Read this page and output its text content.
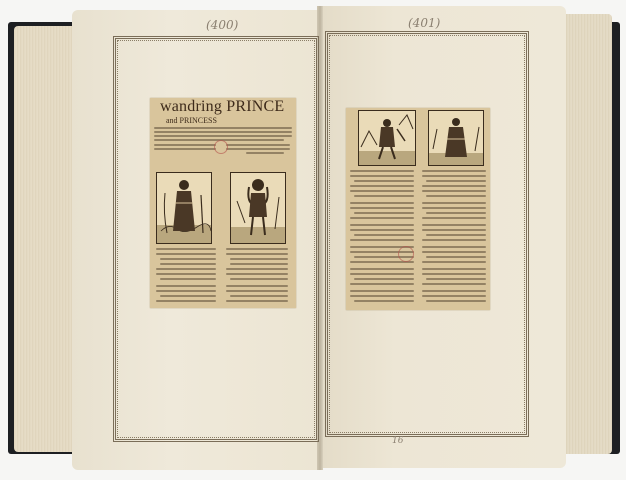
(400)	(401)
wandring PRINCE
and PRINCESS
16
